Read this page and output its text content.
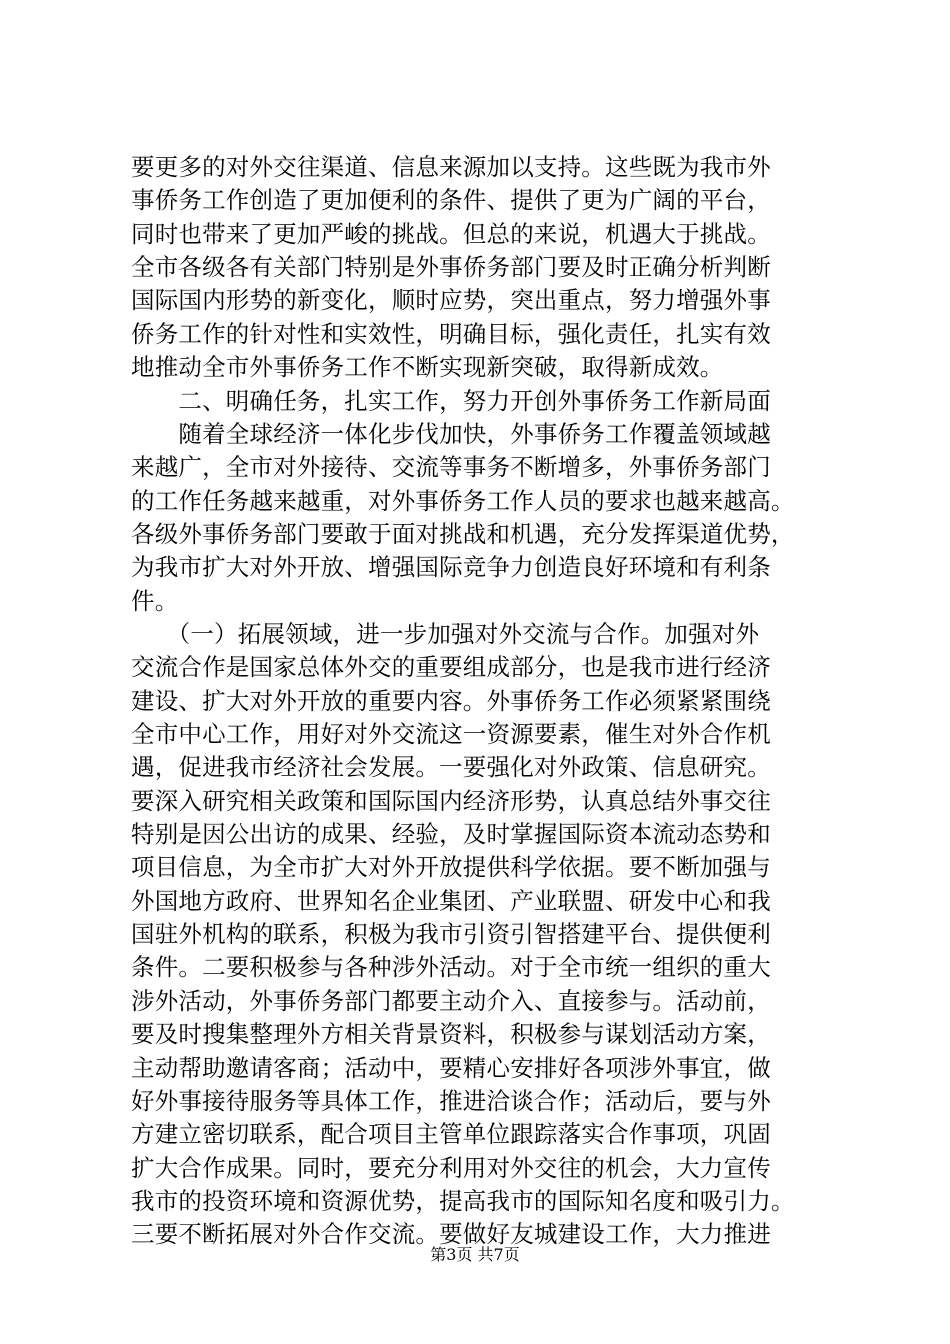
要更多的对外交往渠道、信息来源加以支持。这些既为我市外
事侨务工作创造了更加便利的条件、提供了更为广阔的平台，
同时也带来了更加严峻的挑战。但总的来说，机遇大于挑战。
全市各级各有关部门特别是外事侨务部门要及时正确分析判断
国际国内形势的新变化，顺时应势，突出重点，努力增强外事
侨务工作的针对性和实效性，明确目标，强化责任，扎实有效
地推动全市外事侨务工作不断实现新突破，取得新成效。
　　二、明确任务，扎实工作，努力开创外事侨务工作新局面
　　随着全球经济一体化步伐加快，外事侨务工作覆盖领域越
来越广，全市对外接待、交流等事务不断增多，外事侨务部门
的工作任务越来越重，对外事侨务工作人员的要求也越来越高。
各级外事侨务部门要敢于面对挑战和机遇，充分发挥渠道优势，
为我市扩大对外开放、增强国际竞争力创造良好环境和有利条
件。
　　（一）拓展领域，进一步加强对外交流与合作。加强对外
交流合作是国家总体外交的重要组成部分，也是我市进行经济
建设、扩大对外开放的重要内容。外事侨务工作必须紧紧围绕
全市中心工作，用好对外交流这一资源要素，催生对外合作机
遇，促进我市经济社会发展。一要强化对外政策、信息研究。
要深入研究相关政策和国际国内经济形势，认真总结外事交往
特别是因公出访的成果、经验，及时掌握国际资本流动态势和
项目信息，为全市扩大对外开放提供科学依据。要不断加强与
外国地方政府、世界知名企业集团、产业联盟、研发中心和我
国驻外机构的联系，积极为我市引资引智搭建平台、提供便利
条件。二要积极参与各种涉外活动。对于全市统一组织的重大
涉外活动，外事侨务部门都要主动介入、直接参与。活动前，
要及时搜集整理外方相关背景资料，积极参与谋划活动方案，
主动帮助邀请客商；活动中，要精心安排好各项涉外事宜，做
好外事接待服务等具体工作，推进洽谈合作；活动后，要与外
方建立密切联系，配合项目主管单位跟踪落实合作事项，巩固
扩大合作成果。同时，要充分利用对外交往的机会，大力宣传
我市的投资环境和资源优势，提高我市的国际知名度和吸引力。
三要不断拓展对外合作交流。要做好友城建设工作，大力推进
第3页 共7页
